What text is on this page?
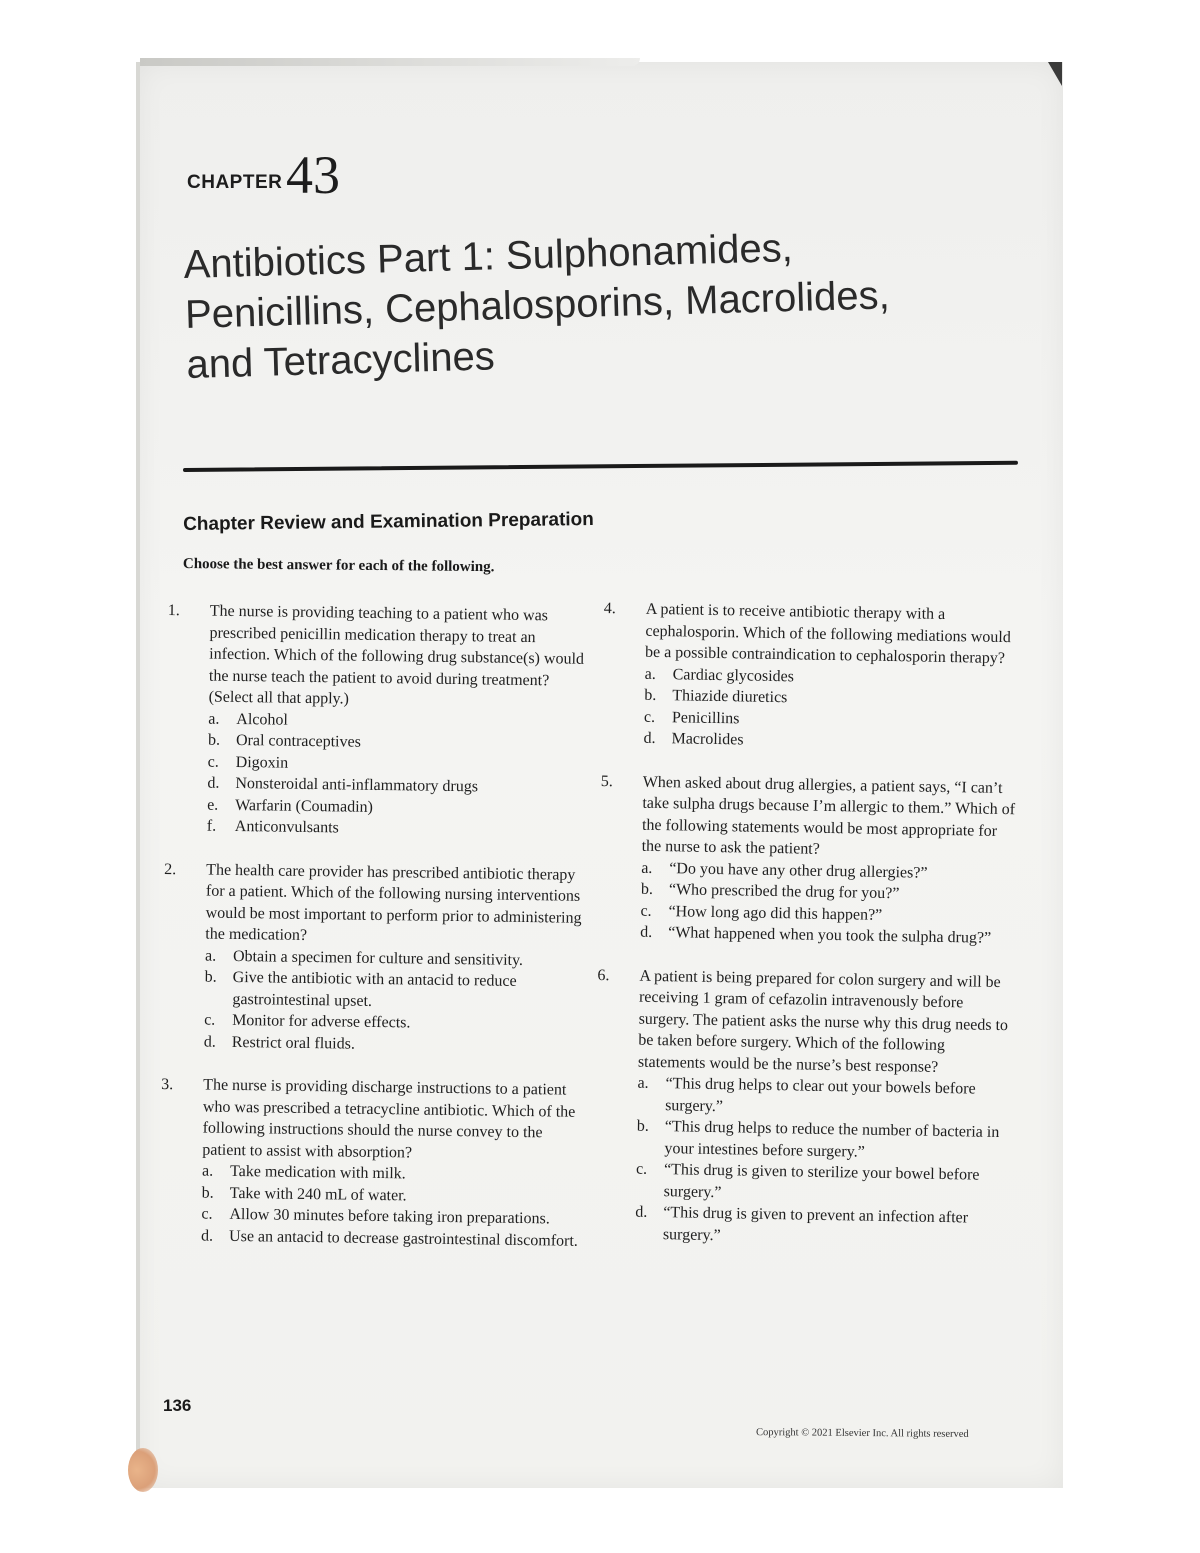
CHAPTER 43
Antibiotics Part 1: Sulphonamides,
Penicillins, Cephalosporins, Macrolides,
and Tetracyclines
Chapter Review and Examination Preparation
Choose the best answer for each of the following.
1.	The nurse is providing teaching to a patient who was prescribed penicillin medication therapy to treat an infection. Which of the following drug substance(s) would the nurse teach the patient to avoid during treatment? (Select all that apply.)
a. Alcohol
b. Oral contraceptives
c. Digoxin
d. Nonsteroidal anti-inflammatory drugs
e. Warfarin (Coumadin)
f. Anticonvulsants
2.	The health care provider has prescribed antibiotic therapy for a patient. Which of the following nursing interventions would be most important to perform prior to administering the medication?
a. Obtain a specimen for culture and sensitivity.
b. Give the antibiotic with an antacid to reduce gastrointestinal upset.
c. Monitor for adverse effects.
d. Restrict oral fluids.
3.	The nurse is providing discharge instructions to a patient who was prescribed a tetracycline antibiotic. Which of the following instructions should the nurse convey to the patient to assist with absorption?
a. Take medication with milk.
b. Take with 240 mL of water.
c. Allow 30 minutes before taking iron preparations.
d. Use an antacid to decrease gastrointestinal discomfort.
4.	A patient is to receive antibiotic therapy with a cephalosporin. Which of the following mediations would be a possible contraindication to cephalosporin therapy?
a. Cardiac glycosides
b. Thiazide diuretics
c. Penicillins
d. Macrolides
5.	When asked about drug allergies, a patient says, “I can’t take sulpha drugs because I’m allergic to them.” Which of the following statements would be most appropriate for the nurse to ask the patient?
a. “Do you have any other drug allergies?”
b. “Who prescribed the drug for you?”
c. “How long ago did this happen?”
d. “What happened when you took the sulpha drug?”
6.	A patient is being prepared for colon surgery and will be receiving 1 gram of cefazolin intravenously before surgery. The patient asks the nurse why this drug needs to be taken before surgery. Which of the following statements would be the nurse’s best response?
a. “This drug helps to clear out your bowels before surgery.”
b. “This drug helps to reduce the number of bacteria in your intestines before surgery.”
c. “This drug is given to sterilize your bowel before surgery.”
d. “This drug is given to prevent an infection after surgery.”
136
Copyright © 2021 Elsevier Inc. All rights reserved
